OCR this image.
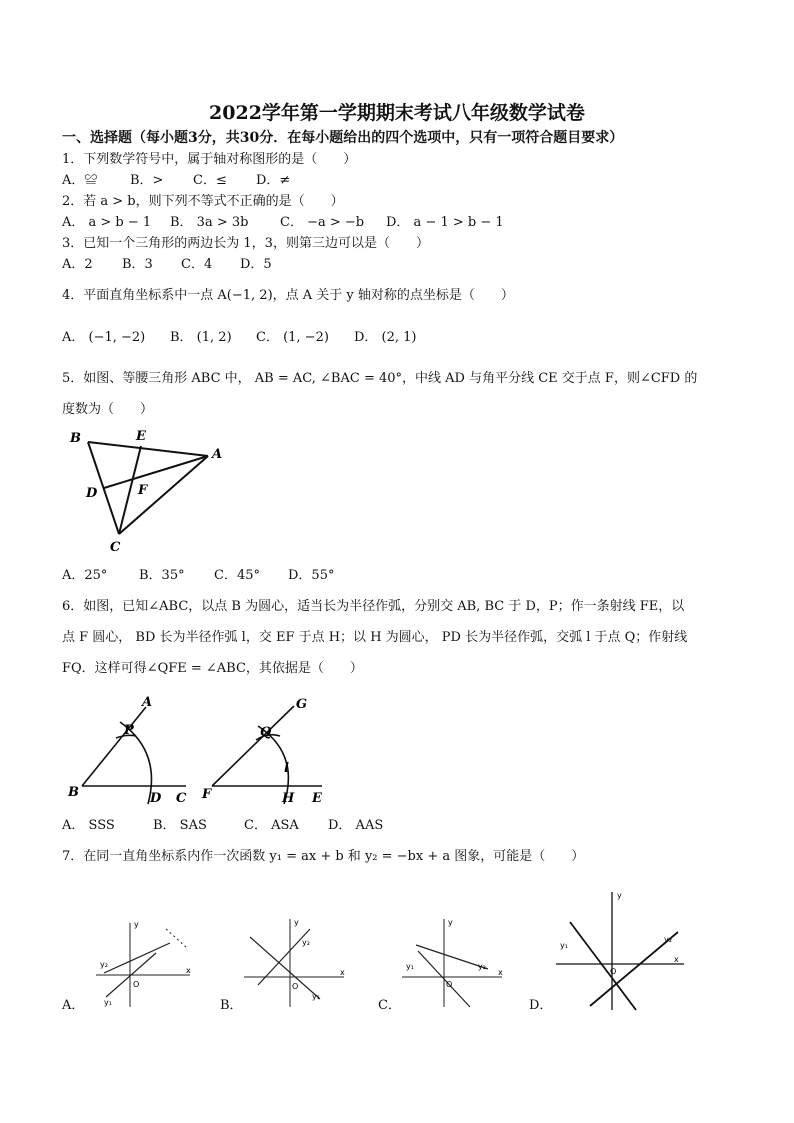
2022学年第一学期期末考试八年级数学试卷
一、选择题（每小题3分，共30分．在每小题给出的四个选项中，只有一项符合题目要求）
1．下列数学符号中，属于轴对称图形的是（　　）
A．≌	B．> C．≤ D．≠
2．若 a > b，则下列不等式不正确的是（　　）
A． a > b − 1 B． 3a > 3b C． −a > −b D． a − 1 > b − 1
3．已知一个三角形的两边长为 1，3，则第三边可以是（　　）
A．2 B．3 C．4 D．5
4．平面直角坐标系中一点 A(−1, 2)，点 A 关于 y 轴对称的点坐标是（　　）
A． (−1, −2) B． (1, 2) C． (1, −2) D． (2, 1)
5．如图、等腰三角形 ABC 中， AB = AC, ∠BAC = 40°，中线 AD 与角平分线 CE 交于点 F，则∠CFD 的
度数为（　　）
B	E
A
D	F
C
A．25° B．35° C．45° D．55°
6．如图，已知∠ABC，以点 B 为圆心，适当长为半径作弧，分别交 AB, BC 于 D，P；作一条射线 FE，以
点 F 圆心， BD 长为半径作弧 l，交 EF 于点 H；以 H 为圆心， PD 长为半径作弧，交弧 l 于点 Q；作射线
FQ．这样可得∠QFE = ∠ABC，其依据是（　　）
A
P
B	D C
G
Q
l
F	H E
A． SSS	B． SAS	C． ASA D． AAS
7．在同一直角坐标系内作一次函数 y₁ = ax + b 和 y₂ = −bx + a 图象，可能是（　　）
y
x
O
y₂
y₁
A．
y
x
O
y₂
y₁
B．
y
x
O
y₁	y₂
C．
y
x
O
y₁
y₂
D．
